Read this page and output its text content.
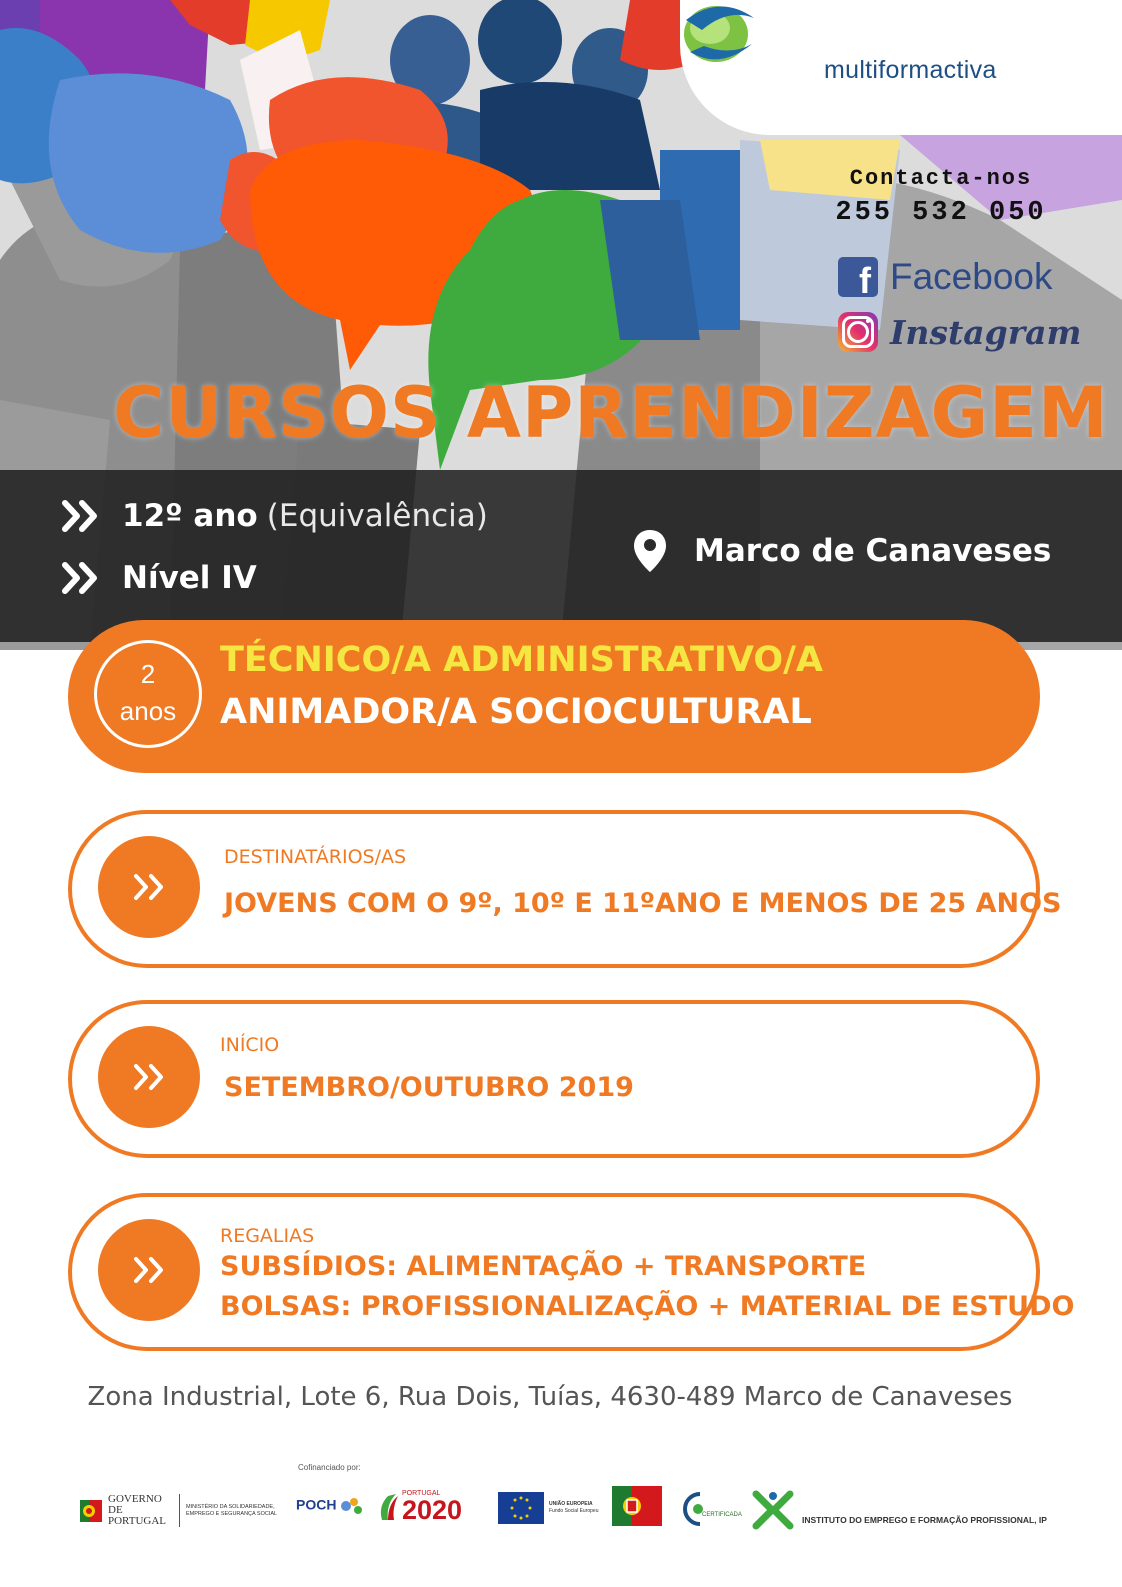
multiformactiva
Contacta-nos
255 532 050
f Facebook
Instagram
CURSOS APRENDIZAGEM
12º ano (Equivalência)
Nível IV
Marco de Canaveses
2
anos
TÉCNICO/A ADMINISTRATIVO/A
ANIMADOR/A SOCIOCULTURAL
DESTINATÁRIOS/AS
JOVENS COM O 9º, 10º E 11ºANO E MENOS DE 25 ANOS
INÍCIO
SETEMBRO/OUTUBRO 2019
REGALIAS
SUBSÍDIOS: ALIMENTAÇÃO + TRANSPORTE
BOLSAS: PROFISSIONALIZAÇÃO + MATERIAL DE ESTUDO
Zona Industrial, Lote 6, Rua Dois, Tuías, 4630-489 Marco de Canaveses
Cofinanciado por:
GOVERNO DE PORTUGAL
MINISTÉRIO DA SOLIDARIEDADE, EMPREGO E SEGURANÇA SOCIAL
POCH
PORTUGAL
2020	UNIÃO EUROPEIA
Fundo Social Europeu
CERTIFICADA	INSTITUTO DO EMPREGO E FORMAÇÃO PROFISSIONAL, IP
